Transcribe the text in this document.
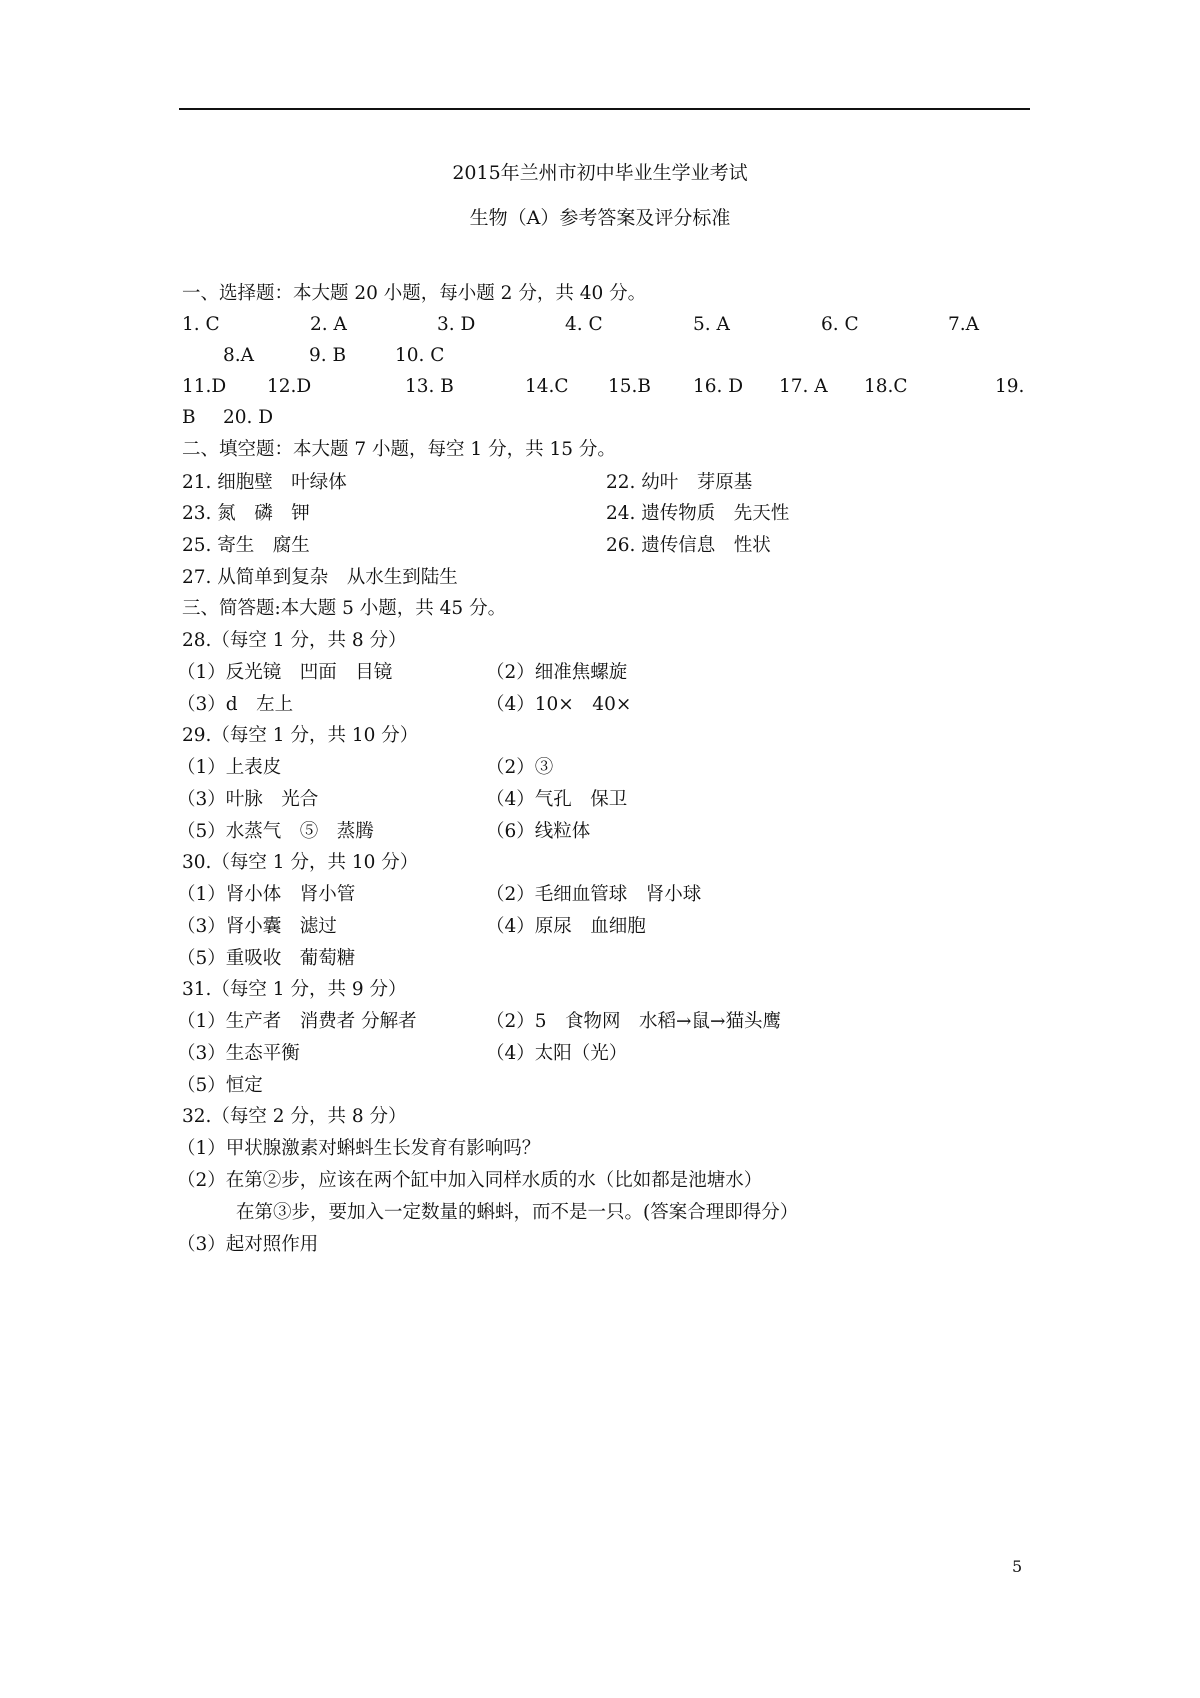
2015年兰州市初中毕业生学业考试
生物（A）参考答案及评分标准
一、选择题：本大题 20 小题，每小题 2 分，共 40 分。
1. C	2. A	3. D	4. C	5. A	6. C	7.A
8.A	9. B	10. C
11.D 12.D	13. B	14.C 15.B 16. D 17. A 18.C	19.
B 20. D
二、填空题：本大题 7 小题，每空 1 分，共 15 分。
21. 细胞壁　叶绿体	22. 幼叶　芽原基
23. 氮　磷　钾	24. 遗传物质　先天性
25. 寄生　腐生	26. 遗传信息　性状
27. 从简单到复杂　从水生到陆生
三、简答题:本大题 5 小题，共 45 分。
28.（每空 1 分，共 8 分）
（1）反光镜　凹面　目镜	（2）细准焦螺旋
（3）d　左上	（4）10×　40×
29.（每空 1 分，共 10 分）
（1）上表皮	（2）③
（3）叶脉　光合	（4）气孔　保卫
（5）水蒸气　⑤　蒸腾	（6）线粒体
30.（每空 1 分，共 10 分）
（1）肾小体　肾小管	（2）毛细血管球　肾小球
（3）肾小囊　滤过	（4）原尿　血细胞
（5）重吸收　葡萄糖
31.（每空 1 分，共 9 分）
（1）生产者　消费者 分解者	（2）5　食物网　水稻→鼠→猫头鹰
（3）生态平衡	（4）太阳（光）
（5）恒定
32.（每空 2 分，共 8 分）
（1）甲状腺激素对蝌蚪生长发育有影响吗？
（2）在第②步，应该在两个缸中加入同样水质的水（比如都是池塘水）
在第③步，要加入一定数量的蝌蚪，而不是一只。(答案合理即得分）
（3）起对照作用
5
